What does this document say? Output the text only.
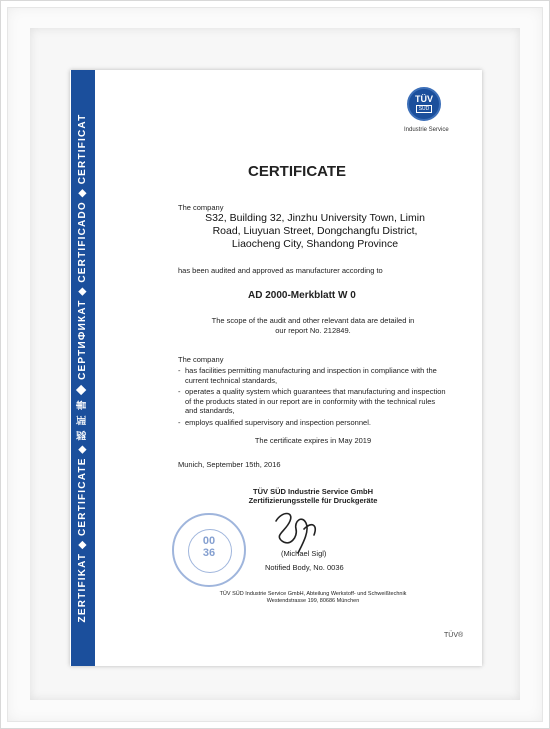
ZERTIFIKAT ◆ CERTIFICATE ◆ 認 証 書 ◆ СЕРТИФИКАТ ◆ CERTIFICADO ◆ CERTIFICAT
TÜV
SÜD
Industrie Service
CERTIFICATE
The company
S32, Building 32, Jinzhu University Town, Limin Road, Liuyuan Street, Dongchangfu District, Liaocheng City, Shandong Province
has been audited and approved as manufacturer according to
AD 2000-Merkblatt W 0
The scope of the audit and other relevant data are detailed in
our report No. 212849.
The company
- has facilities permitting manufacturing and inspection in compliance with the current technical standards,
- operates a quality system which guarantees that manufacturing and inspection of the products stated in our report are in conformity with the technical rules and standards,
- employs qualified supervisory and inspection personnel.
The certificate expires in May 2019
Munich, September 15th, 2016
TÜV SÜD Industrie Service GmbH
Zertifizierungsstelle für Druckgeräte
(Michael Sigl)
Notified Body, No. 0036
00
36
TÜV SÜD Industrie Service GmbH, Abteilung Werkstoff- und Schweißtechnik
Westendstrasse 199, 80686 München
TÜV®
